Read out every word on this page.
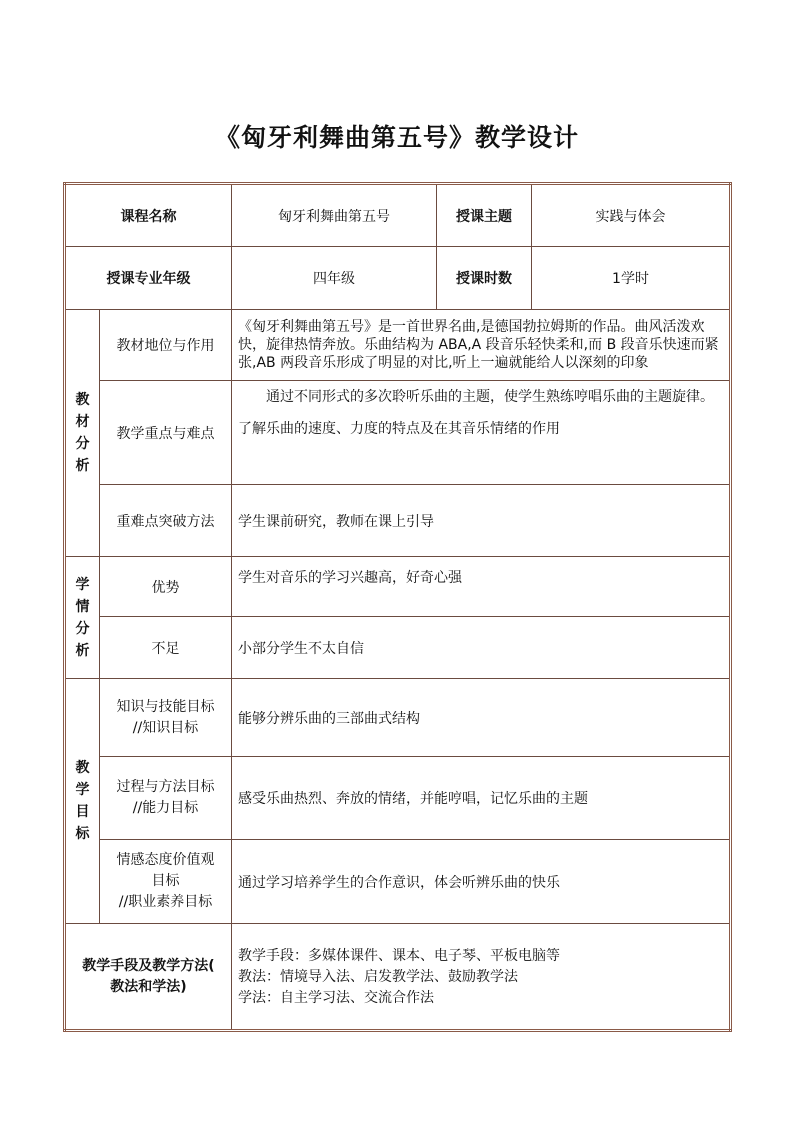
《匈牙利舞曲第五号》教学设计
课程名称		匈牙利舞曲第五号	授课主题	实践与体会
授课专业年级		四年级	授课时数	1学时

教
材
分
析	教材地位与作用	《匈牙利舞曲第五号》是一首世界名曲,是德国勃拉姆斯的作品。曲风活泼欢快，旋律热情奔放。乐曲结构为 ABA,A 段音乐轻快柔和,而 B 段音乐快速而紧张,AB 两段音乐形成了明显的对比,听上一遍就能给人以深刻的印象		
	教学重点与难点	通过不同形式的多次聆听乐曲的主题，使学生熟练哼唱乐曲的主题旋律。了解乐曲的速度、力度的特点及在其音乐情绪的作用		
	重难点突破方法	学生课前研究，教师在课上引导		

学
情
分
析	优势	学生对音乐的学习兴趣高，好奇心强		
	不足	小部分学生不太自信		

教
学
目
标	知识与技能目标
//知识目标	能够分辨乐曲的三部曲式结构		

	过程与方法目标
//能力目标	感受乐曲热烈、奔放的情绪，并能哼唱，记忆乐曲的主题		

	情感态度价值观
目标
//职业素养目标	通过学习培养学生的合作意识，体会听辨乐曲的快乐		

教学手段及教学方法(
教法和学法)		教学手段：多媒体课件、课本、电子琴、平板电脑等
教法：情境导入法、启发教学法、鼓励教学法
学法：自主学习法、交流合作法		
